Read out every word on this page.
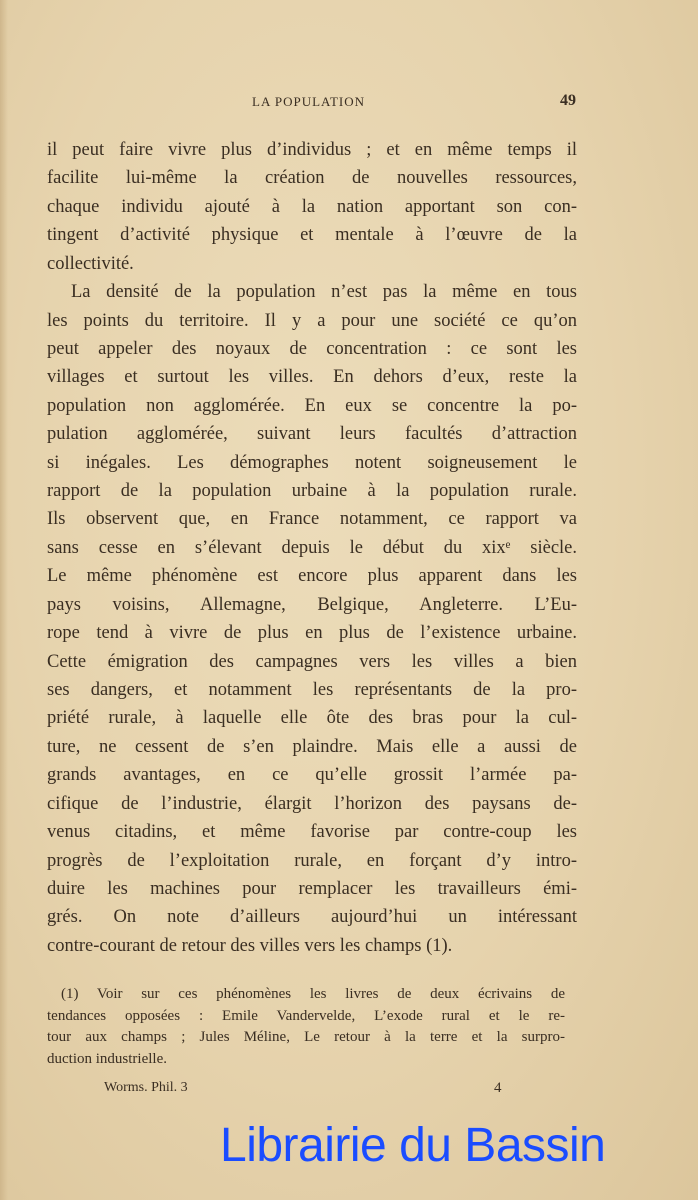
LA POPULATION	49
il peut faire vivre plus d’individus ; et en même temps il
facilite lui-même la création de nouvelles ressources,
chaque individu ajouté à la nation apportant son con-
tingent d’activité physique et mentale à l’œuvre de la
collectivité.
La densité de la population n’est pas la même en tous
les points du territoire. Il y a pour une société ce qu’on
peut appeler des noyaux de concentration : ce sont les
villages et surtout les villes. En dehors d’eux, reste la
population non agglomérée. En eux se concentre la po-
pulation agglomérée, suivant leurs facultés d’attraction
si inégales. Les démographes notent soigneusement le
rapport de la population urbaine à la population rurale.
Ils observent que, en France notamment, ce rapport va
sans cesse en s’élevant depuis le début du xixᵉ siècle.
Le même phénomène est encore plus apparent dans les
pays voisins, Allemagne, Belgique, Angleterre. L’Eu-
rope tend à vivre de plus en plus de l’existence urbaine.
Cette émigration des campagnes vers les villes a bien
ses dangers, et notamment les représentants de la pro-
priété rurale, à laquelle elle ôte des bras pour la cul-
ture, ne cessent de s’en plaindre. Mais elle a aussi de
grands avantages, en ce qu’elle grossit l’armée pa-
cifique de l’industrie, élargit l’horizon des paysans de-
venus citadins, et même favorise par contre-coup les
progrès de l’exploitation rurale, en forçant d’y intro-
duire les machines pour remplacer les travailleurs émi-
grés. On note d’ailleurs aujourd’hui un intéressant
contre-courant de retour des villes vers les champs (1).
(1) Voir sur ces phénomènes les livres de deux écrivains de
tendances opposées : Emile Vandervelde, L’exode rural et le re-
tour aux champs ; Jules Méline, Le retour à la terre et la surpro-
duction industrielle.
Worms. Phil. 3	4
Librairie du Bassin
